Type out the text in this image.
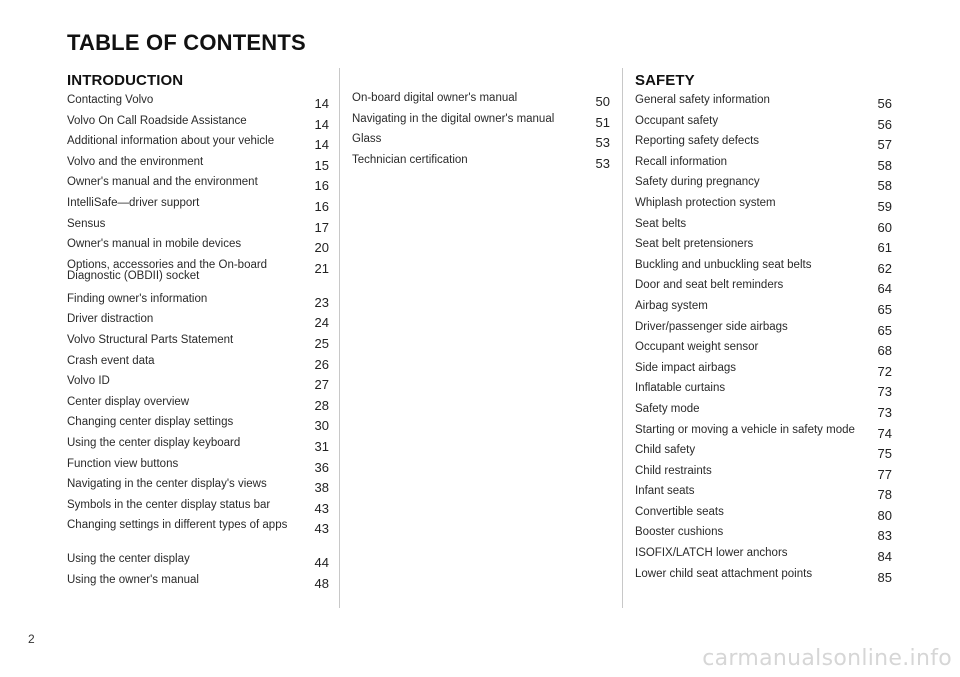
TABLE OF CONTENTS
INTRODUCTION
Contacting Volvo	14
Volvo On Call Roadside Assistance	14
Additional information about your vehicle	14
Volvo and the environment	15
Owner's manual and the environment	16
IntelliSafe—driver support	16
Sensus	17
Owner's manual in mobile devices	20
Options, accessories and the On-board Diagnostic (OBDII) socket	21
Finding owner's information	23
Driver distraction	24
Volvo Structural Parts Statement	25
Crash event data	26
Volvo ID	27
Center display overview	28
Changing center display settings	30
Using the center display keyboard	31
Function view buttons	36
Navigating in the center display's views	38
Symbols in the center display status bar	43
Changing settings in different types of apps	43
Using the center display	44
Using the owner's manual	48
On-board digital owner's manual	50
Navigating in the digital owner's manual	51
Glass	53
Technician certification	53
SAFETY
General safety information	56
Occupant safety	56
Reporting safety defects	57
Recall information	58
Safety during pregnancy	58
Whiplash protection system	59
Seat belts	60
Seat belt pretensioners	61
Buckling and unbuckling seat belts	62
Door and seat belt reminders	64
Airbag system	65
Driver/passenger side airbags	65
Occupant weight sensor	68
Side impact airbags	72
Inflatable curtains	73
Safety mode	73
Starting or moving a vehicle in safety mode	74
Child safety	75
Child restraints	77
Infant seats	78
Convertible seats	80
Booster cushions	83
ISOFIX/LATCH lower anchors	84
Lower child seat attachment points	85
2
carmanualsonline.info
